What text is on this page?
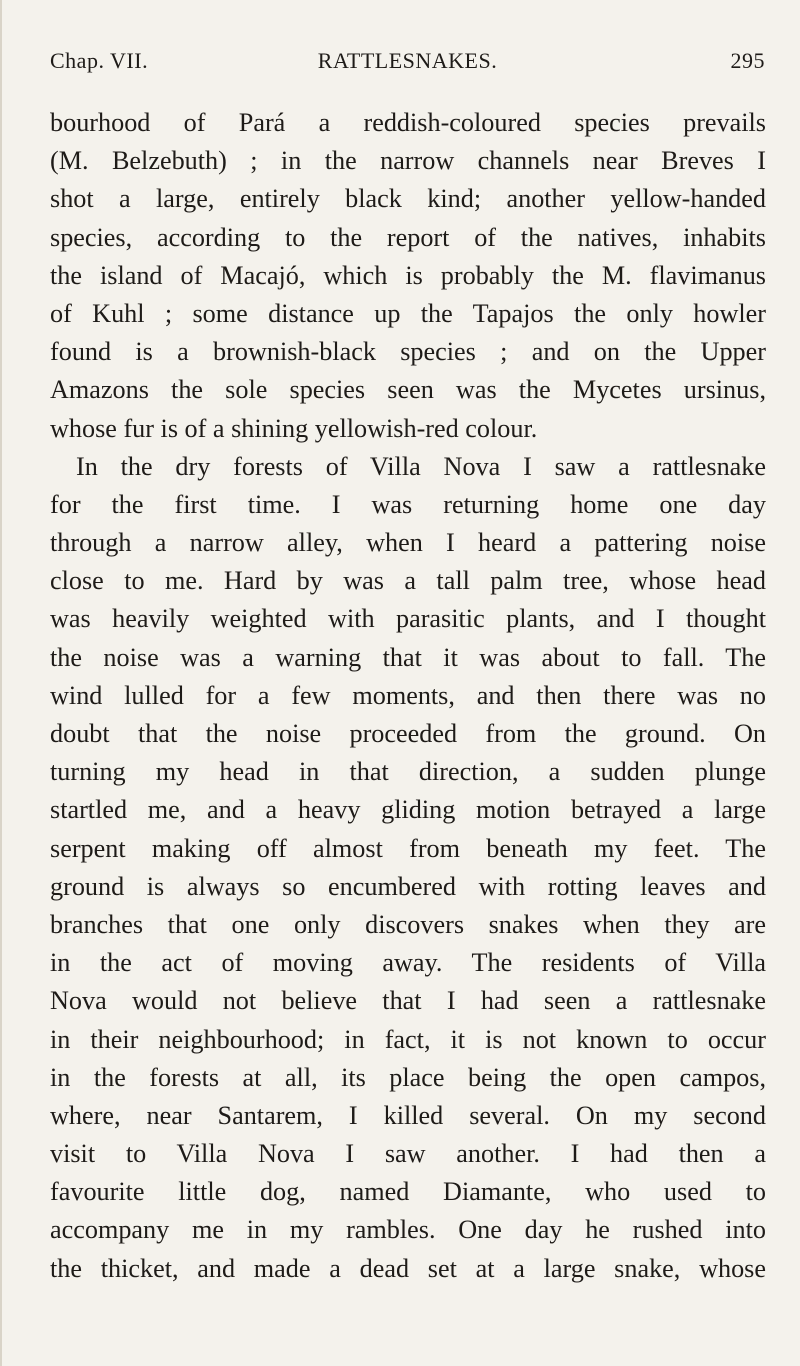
Chap. VII.	RATTLESNAKES.	295
bourhood of Pará a reddish-coloured species prevails
(M. Belzebuth) ; in the narrow channels near Breves I
shot a large, entirely black kind; another yellow-handed
species, according to the report of the natives, inhabits
the island of Macajó, which is probably the M. flavimanus
of Kuhl ; some distance up the Tapajos the only howler
found is a brownish-black species ; and on the Upper
Amazons the sole species seen was the Mycetes ursinus,
whose fur is of a shining yellowish-red colour.
In the dry forests of Villa Nova I saw a rattlesnake
for the first time. I was returning home one day
through a narrow alley, when I heard a pattering noise
close to me. Hard by was a tall palm tree, whose head
was heavily weighted with parasitic plants, and I thought
the noise was a warning that it was about to fall. The
wind lulled for a few moments, and then there was no
doubt that the noise proceeded from the ground. On
turning my head in that direction, a sudden plunge
startled me, and a heavy gliding motion betrayed a large
serpent making off almost from beneath my feet. The
ground is always so encumbered with rotting leaves and
branches that one only discovers snakes when they are
in the act of moving away. The residents of Villa
Nova would not believe that I had seen a rattlesnake
in their neighbourhood; in fact, it is not known to occur
in the forests at all, its place being the open campos,
where, near Santarem, I killed several. On my second
visit to Villa Nova I saw another. I had then a
favourite little dog, named Diamante, who used to
accompany me in my rambles. One day he rushed into
the thicket, and made a dead set at a large snake, whose
